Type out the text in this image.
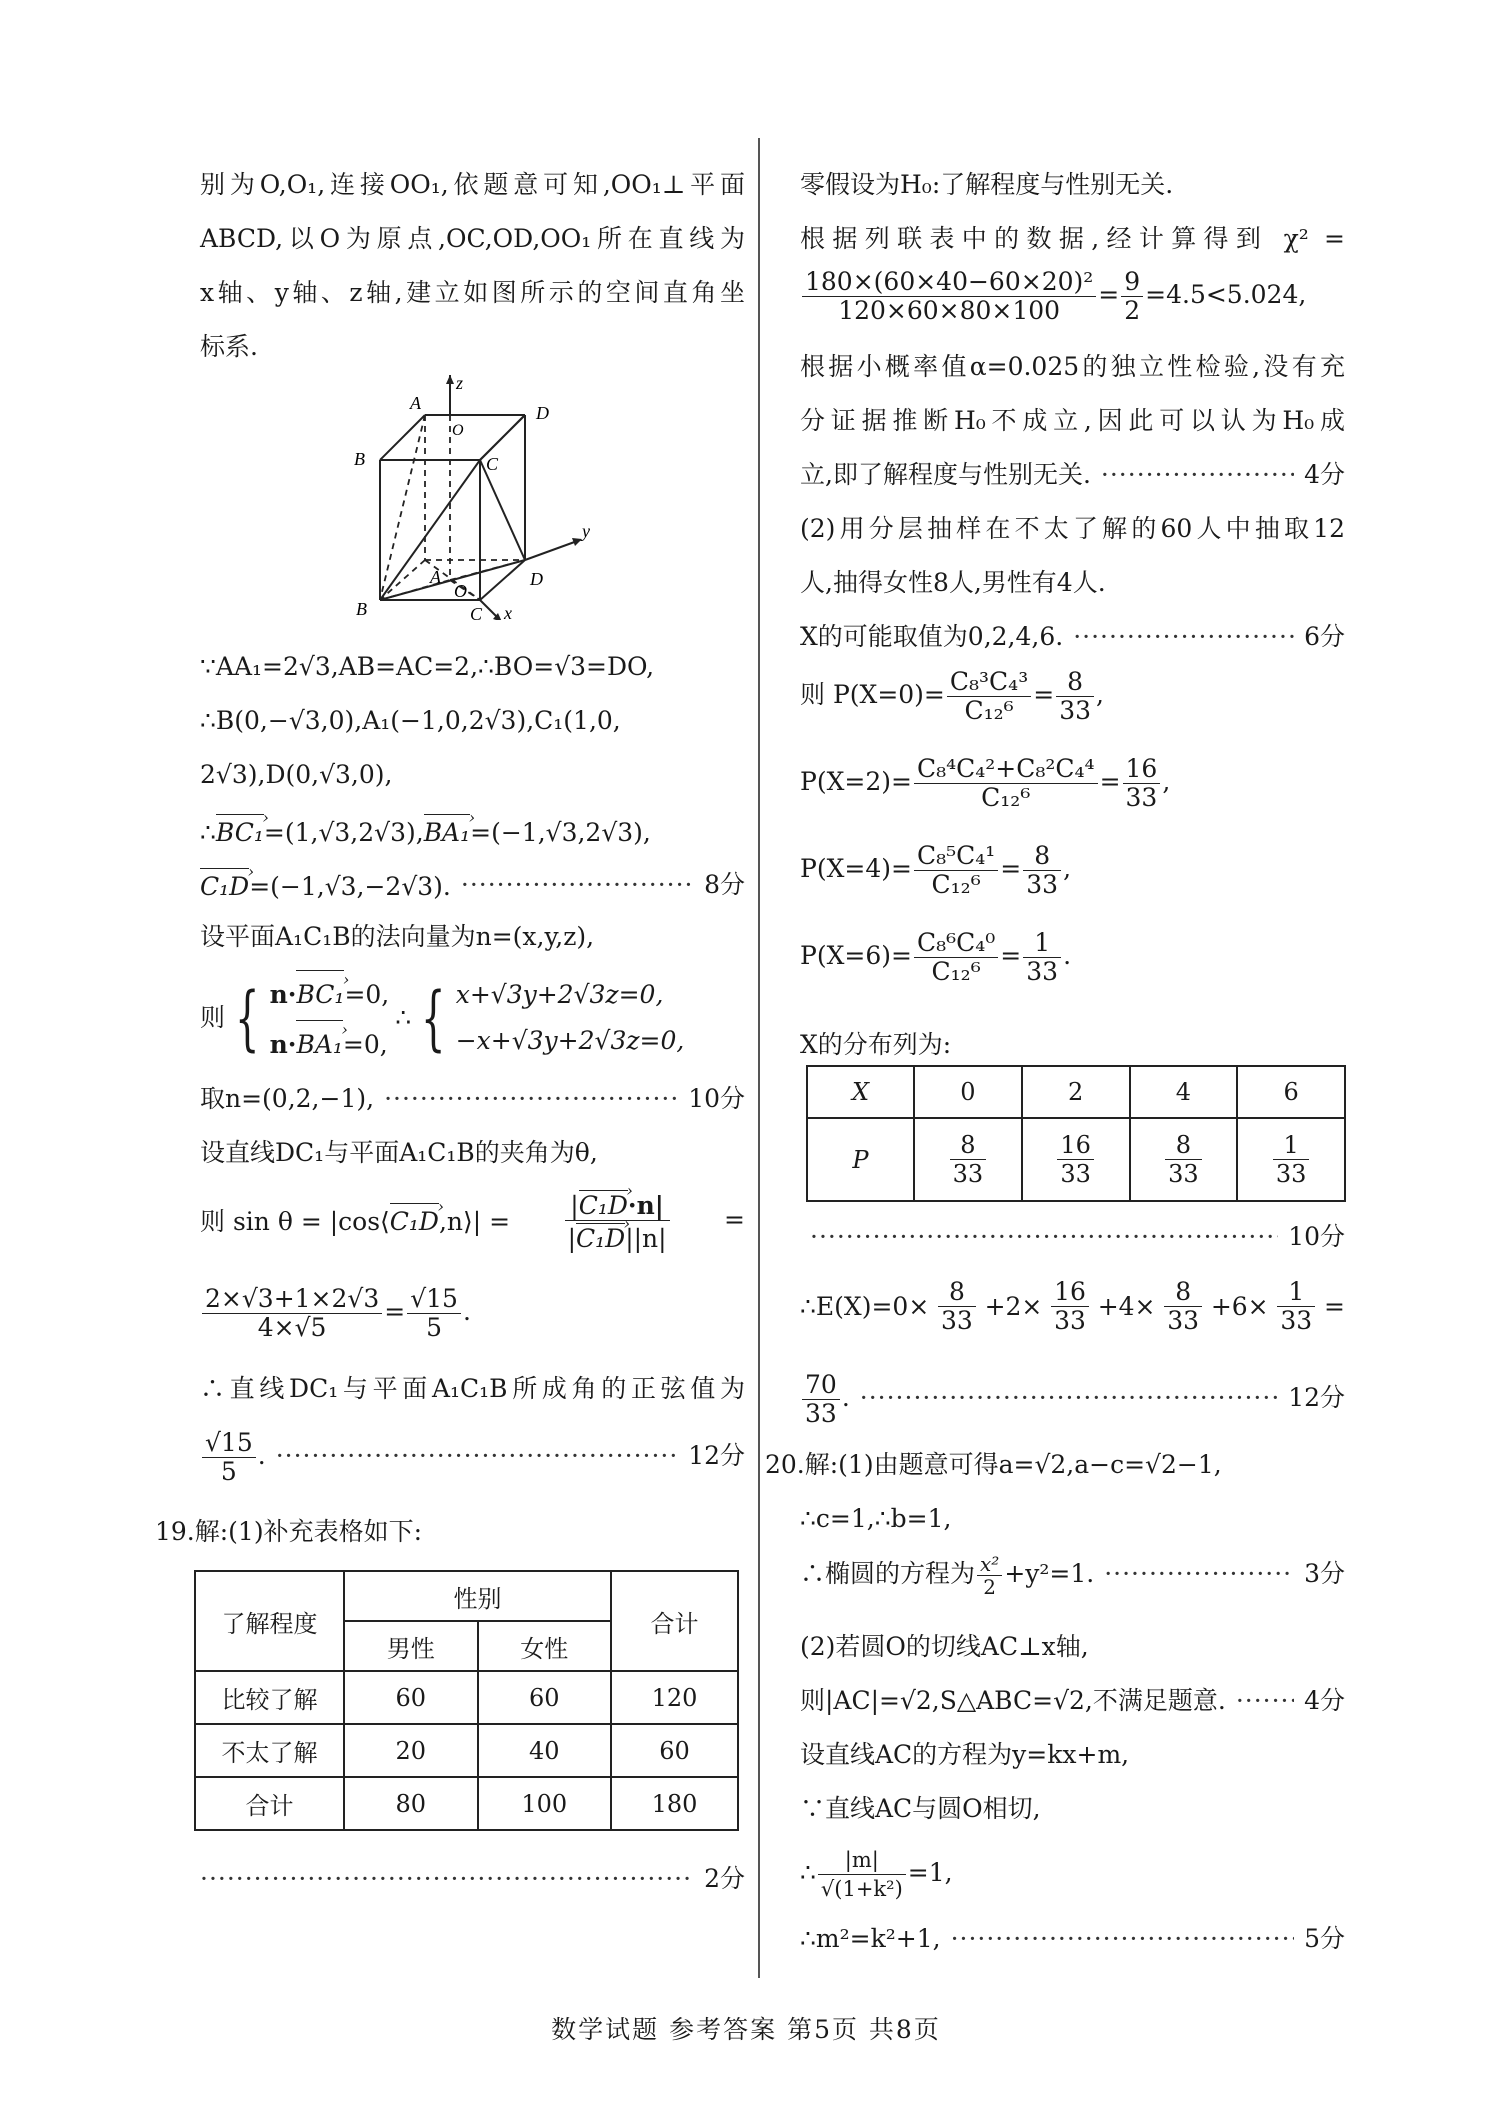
别为O,O₁,连接OO₁,依题意可知,OO₁⊥平面
ABCD,以O为原点,OC,OD,OO₁所在直线为
x轴、y轴、z轴,建立如图所示的空间直角坐
标系.
z
y
x
A	D
B	C
O
A
B	C
D
O
∵AA₁=2√3,AB=AC=2,∴BO=√3=DO,
∴B(0,−√3,0),A₁(−1,0,2√3),C₁(1,0,
2√3),D(0,√3,0),
∴BC₁ ›=(1,√3,2√3),BA₁ ›=(−1,√3,2√3),
C₁D ›=(−1,√3,−2√3). ·····	8分
设平面A₁C₁B的法向量为n=(x,y,z),
则 { n·BC₁ ›=0,
n·BA₁ ›=0,
∴ { x+√3y+2√3z=0,
−x+√3y+2√3z=0,
取n=(0,2,−1), ·····	10分
设直线DC₁与平面A₁C₁B的夹角为θ,
则 sin θ = |cos⟨C₁D ›,n⟩| = $\frac{\text{|C₁D ›·n|}}{\text{|C₁D ›||n|}}$ =
$\frac{2\times√3+1\times 2√3}{4\times√5} = \frac{√15}{5}$ .
∴直线DC₁与平面A₁C₁B所成角的正弦值为
$\frac{√15}{5}$ . ·····	12分
19.解:(1)补充表格如下:
了解程度	性别		合计
	男性	女性	
比较了解	60	60	120
不太了解	20	40	60
合计	80	100	180
·····
2分
零假设为H₀:了解程度与性别无关.
根据列联表中的数据,经计算得到 χ² =
$\frac{\text{180×(60×40−60×20)²}}{120\times 60\times 80\times 100} = \frac{9}{2} =4.5<5.024$,
根据小概率值α=0.025的独立性检验,没有充
分证据推断H₀不成立,因此可以认为H₀成
立,即了解程度与性别无关. ·····	4分
(2)用分层抽样在不太了解的60人中抽取12
人,抽得女性8人,男性有4人.
X的可能取值为0,2,4,6. ·····	6分
则 $P(X=0)= \frac{\text{C₈³C₄³}}{\text{C₁₂⁶}} = \frac{8}{33}$ ,
$P(X=2)= \frac{\text{C₈⁴C₄²+C₈²C₄⁴}}{\text{C₁₂⁶}} = \frac{16}{33}$ ,
$P(X=4)= \frac{\text{C₈⁵C₄¹}}{\text{C₁₂⁶}} = \frac{8}{33}$ ,
$P(X=6)= \frac{\text{C₈⁶C₄⁰}}{\text{C₁₂⁶}} = \frac{1}{33}$ .
X的分布列为:
X	0	2	4	6
P	$\frac{8}{33}$	$\frac{16}{33}$	$\frac{8}{33}$	$\frac{1}{33}$
·····
10分
∴E(X)=0× $\frac{8}{33} +2\times \frac{16}{33} +4\times \frac{8}{33} +6\times \frac{1}{33}$ =
$\frac{70}{33}$ . ·····	12分
20.解:(1)由题意可得a=√2,a−c=√2−1,
∴c=1,∴b=1,
∴椭圆的方程为 $\frac{\text{x²}}{2} +y^2=1$. ·····	3分
(2)若圆O的切线AC⊥x轴,
则|AC|=√2,S△ABC=√2,不满足题意. ·····	4分
设直线AC的方程为y=kx+m,
∵直线AC与圆O相切,
∴ $\frac{|m|}{\text{√(1+k²)}} =1$,
∴m²=k²+1, ·····	5分
数学试题 参考答案 第5页 共8页
